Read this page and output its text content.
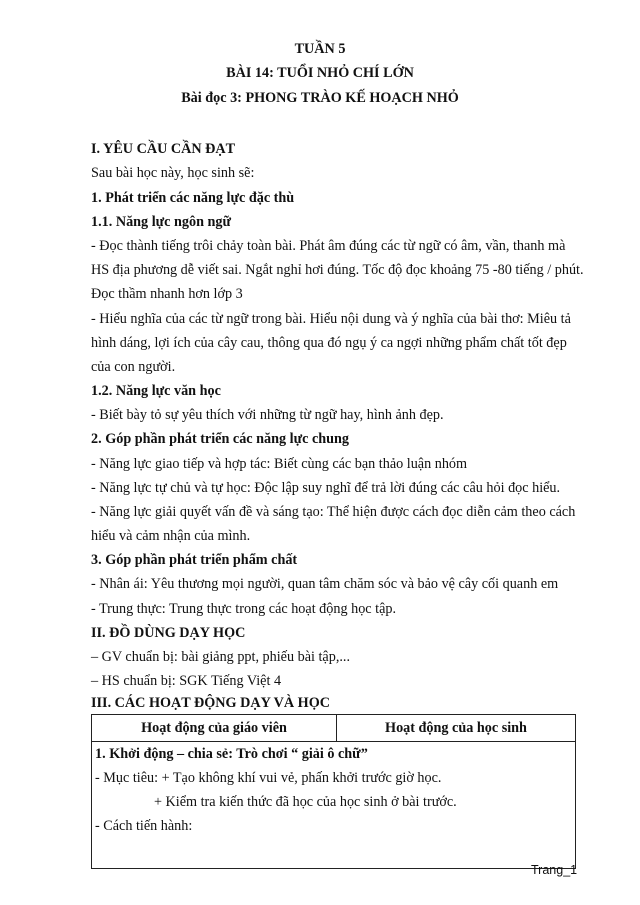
TUẦN 5
BÀI 14: TUỔI NHỎ CHÍ LỚN
Bài đọc 3: PHONG TRÀO KẾ HOẠCH NHỎ
I. YÊU CẦU CẦN ĐẠT
Sau bài học này, học sinh sẽ:
1. Phát triển các năng lực đặc thù
1.1. Năng lực ngôn ngữ
- Đọc thành tiếng trôi chảy toàn bài. Phát âm đúng các từ ngữ có âm, vần, thanh mà
HS địa phương dễ viết sai. Ngắt nghỉ hơi đúng. Tốc độ đọc khoảng 75 -80 tiếng / phút.
Đọc thầm nhanh hơn lớp 3
- Hiểu nghĩa của các từ ngữ trong bài. Hiểu nội dung và ý nghĩa của bài thơ: Miêu tả
hình dáng, lợi ích của cây cau, thông qua đó ngụ ý ca ngợi những phẩm chất tốt đẹp
của con người.
1.2. Năng lực văn học
- Biết bày tỏ sự yêu thích với những từ ngữ hay, hình ảnh đẹp.
2. Góp phần phát triển các năng lực chung
- Năng lực giao tiếp và hợp tác: Biết cùng các bạn thảo luận nhóm
- Năng lực tự chủ và tự học: Độc lập suy nghĩ để trả lời đúng các câu hỏi đọc hiểu.
- Năng lực giải quyết vấn đề và sáng tạo: Thể hiện được cách đọc diễn cảm theo cách
hiểu và cảm nhận của mình.
3. Góp phần phát triển phẩm chất
- Nhân ái: Yêu thương mọi người, quan tâm chăm sóc và bảo vệ cây cối quanh em
- Trung thực: Trung thực trong các hoạt động học tập.
II. ĐỒ DÙNG DẠY HỌC
– GV chuẩn bị: bài giảng ppt, phiếu bài tập,...
– HS chuẩn bị: SGK Tiếng Việt 4
III. CÁC HOẠT ĐỘNG DẠY VÀ HỌC
Hoạt động của giáo viên	Hoạt động của học sinh

1. Khởi động – chia sẻ: Trò chơi “ giải ô chữ”
- Mục tiêu: + Tạo không khí vui vẻ, phấn khởi trước giờ học.
+ Kiểm tra kiến thức đã học của học sinh ở bài trước.
- Cách tiến hành:
Trang_1
